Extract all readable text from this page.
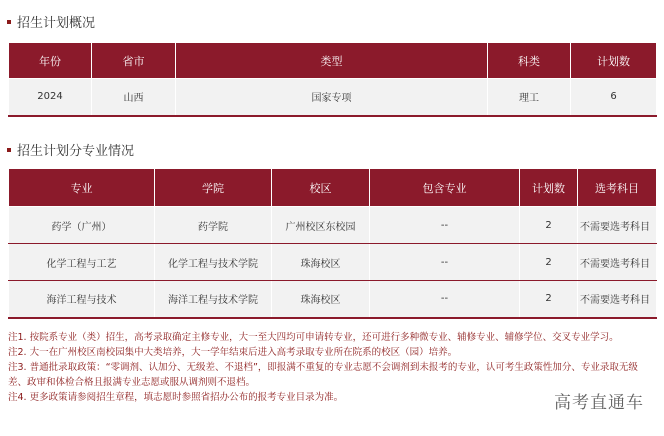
招生计划概况
年份	省市	类型	科类	计划数
2024	山西	国家专项	理工	6
招生计划分专业情况
专业	学院	校区	包含专业	计划数	选考科目
药学（广州）	药学院	广州校区东校园	--	2	不需要选考科目
化学工程与工艺	化学工程与技术学院	珠海校区	--	2	不需要选考科目
海洋工程与技术	海洋工程与技术学院	珠海校区	--	2	不需要选考科目

注1. 按院系专业（类）招生，高考录取确定主修专业，大一至大四均可申请转专业，还可进行多种微专业、辅修专业、辅修学位、交叉专业学习。

注2. 大一在广州校区南校园集中大类培养，大一学年结束后进入高考录取专业所在院系的校区（园）培养。

注3. 普通批录取政策：“零调剂、认加分、无级差、不退档”，即报满不重复的专业志愿不会调剂到未报考的专业，认可考生政策性加分、专业录取无级差、政审和体检合格且报满专业志愿或服从调剂则不退档。

注4. 更多政策请参阅招生章程，填志愿时参照省招办公布的报考专业目录为准。	高考直通车
